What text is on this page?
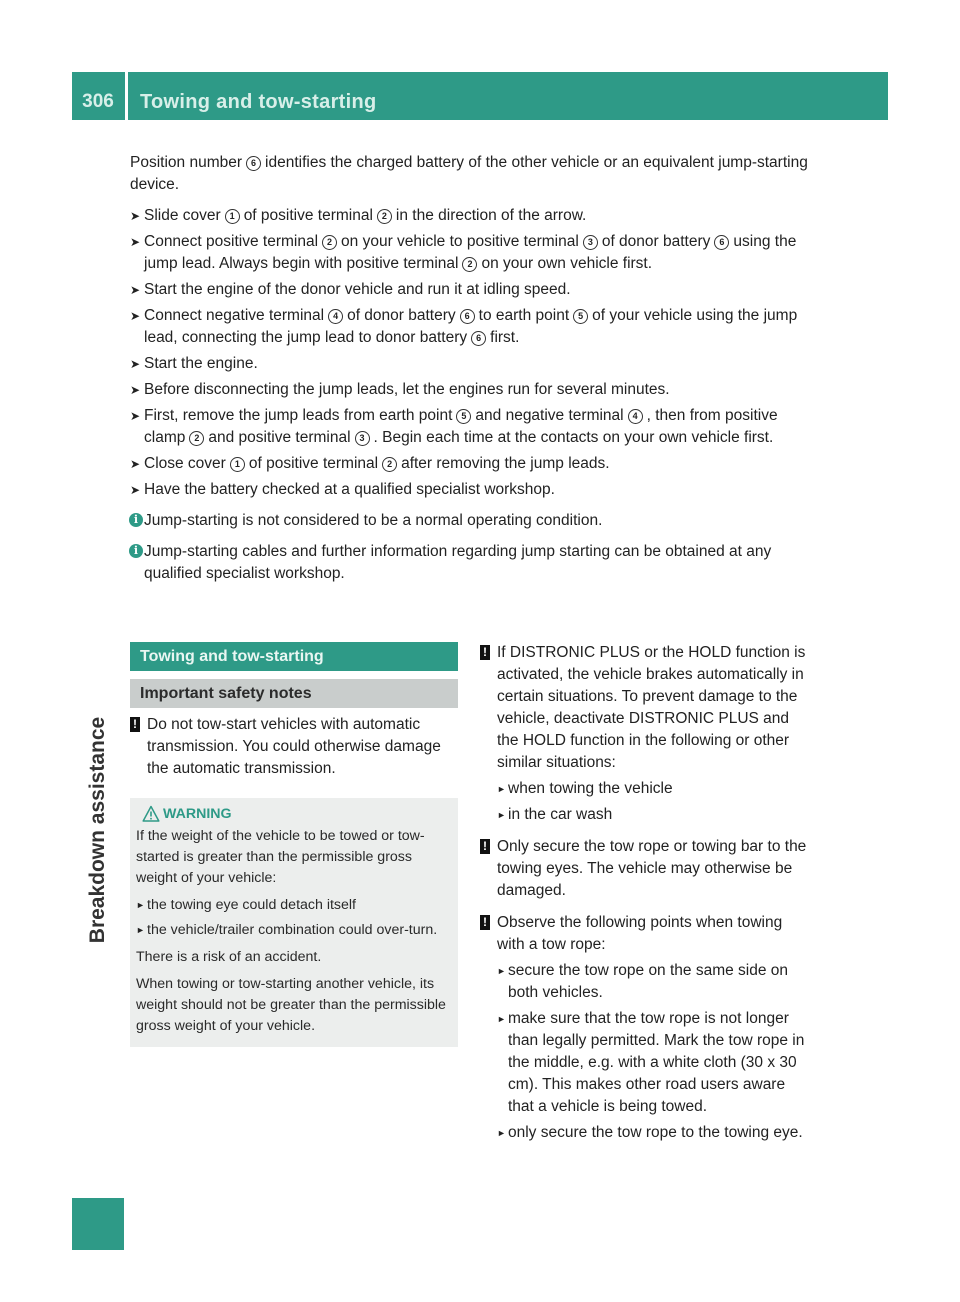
306	Towing and tow-starting
Breakdown assistance

Position number 6 identifies the charged battery of the other vehicle or an equivalent jump-starting device.

➤ Slide cover 1 of positive terminal 2 in the direction of the arrow.
➤ Connect positive terminal 2 on your vehicle to positive terminal 3 of donor battery 6 using the jump lead. Always begin with positive terminal 2 on your own vehicle first.
➤ Start the engine of the donor vehicle and run it at idling speed.
➤ Connect negative terminal 4 of donor battery 6 to earth point 5 of your vehicle using the jump lead, connecting the jump lead to donor battery 6 first.
➤ Start the engine.
➤ Before disconnecting the jump leads, let the engines run for several minutes.
➤ First, remove the jump leads from earth point 5 and negative terminal 4 , then from positive clamp 2 and positive terminal 3 . Begin each time at the contacts on your own vehicle first.
➤ Close cover 1 of positive terminal 2 after removing the jump leads.
➤ Have the battery checked at a qualified specialist workshop.
i Jump-starting is not considered to be a normal operating condition.
i Jump-starting cables and further information regarding jump starting can be obtained at any qualified specialist workshop.
Towing and tow-starting
Important safety notes
! Do not tow-start vehicles with automatic transmission. You could otherwise damage the automatic transmission.
WARNING

If the weight of the vehicle to be towed or tow-started is greater than the permissible gross weight of your vehicle:

► the towing eye could detach itself
► the vehicle/trailer combination could over-turn.

There is a risk of an accident.

When towing or tow-starting another vehicle, its weight should not be greater than the permissible gross weight of your vehicle.

! If DISTRONIC PLUS or the HOLD function is activated, the vehicle brakes automatically in certain situations. To prevent damage to the vehicle, deactivate DISTRONIC PLUS and the HOLD function in the following or other similar situations:
► when towing the vehicle
► in the car wash
! Only secure the tow rope or towing bar to the towing eyes. The vehicle may otherwise be damaged.
! Observe the following points when towing with a tow rope:
► secure the tow rope on the same side on both vehicles.
► make sure that the tow rope is not longer than legally permitted. Mark the tow rope in the middle, e.g. with a white cloth (30 x 30 cm). This makes other road users aware that a vehicle is being towed.
► only secure the tow rope to the towing eye.
